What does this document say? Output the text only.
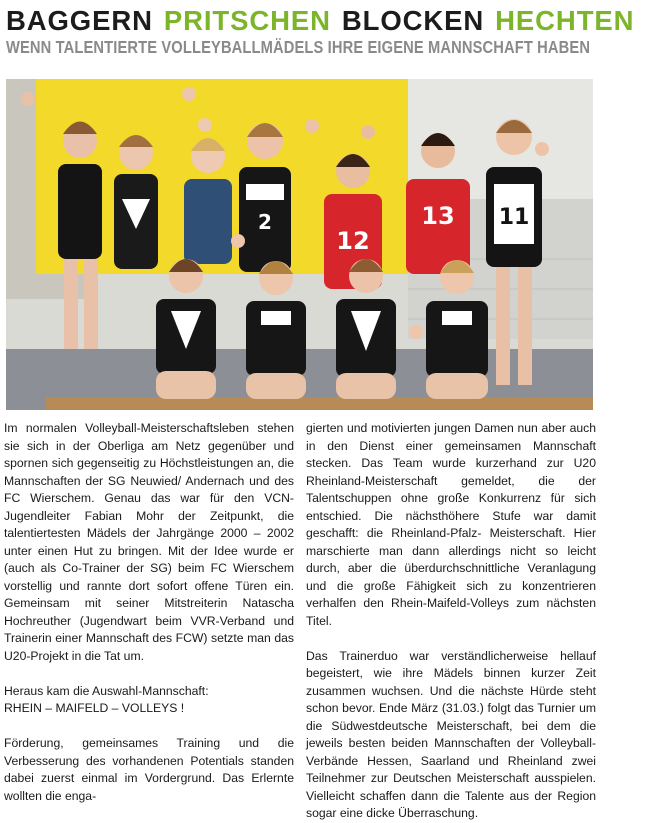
BAGGERN PRITSCHEN BLOCKEN HECHTEN
WENN TALENTIERTE VOLLEYBALLMÄDELS IHRE EIGENE MANNSCHAFT HABEN
2
12
13 11

Im normalen Volleyball-Meisterschaftsleben stehen sie sich in der Oberliga am Netz gegenüber und spornen sich gegenseitig zu Höchstleistungen an, die Mannschaften der SG Neuwied/ Andernach und des FC Wierschem. Genau das war für den VCN- Jugendleiter Fabian Mohr der Zeitpunkt, die talentiertesten Mädels der Jahrgänge 2000 – 2002 unter einen Hut zu bringen. Mit der Idee wurde er (auch als Co-Trainer der SG) beim FC Wierschem vorstellig und rannte dort sofort offene Türen ein. Gemeinsam mit seiner Mitstreiterin Natascha Hochreuther (Jugendwart beim VVR-Verband und Trainerin einer Mannschaft des FCW) setzte man das U20-Projekt in die Tat um.

Heraus kam die Auswahl-Mannschaft:

RHEIN – MAIFELD – VOLLEYS !

Förderung, gemeinsames Training und die Verbesserung des vorhandenen Potentials standen dabei zuerst einmal im Vordergrund. Das Erlernte wollten die enga-

gierten und motivierten jungen Damen nun aber auch in den Dienst einer gemeinsamen Mannschaft stecken. Das Team wurde kurzerhand zur U20 Rheinland-Meisterschaft gemeldet, die der Talentschuppen ohne große Konkurrenz für sich entschied. Die nächsthöhere Stufe war damit geschafft: die Rheinland-Pfalz- Meisterschaft. Hier marschierte man dann allerdings nicht so leicht durch, aber die überdurchschnittliche Veranlagung und die große Fähigkeit sich zu konzentrieren verhalfen den Rhein-Maifeld-Volleys zum nächsten Titel.

Das Trainerduo war verständlicherweise hellauf begeistert, wie ihre Mädels binnen kurzer Zeit zusammen wuchsen. Und die nächste Hürde steht schon bevor. Ende März (31.03.) folgt das Turnier um die Südwestdeutsche Meisterschaft, bei dem die jeweils besten beiden Mannschaften der Volleyball-Verbände Hessen, Saarland und Rheinland zwei Teilnehmer zur Deutschen Meisterschaft ausspielen. Vielleicht schaffen dann die Talente aus der Region sogar eine dicke Überraschung.
